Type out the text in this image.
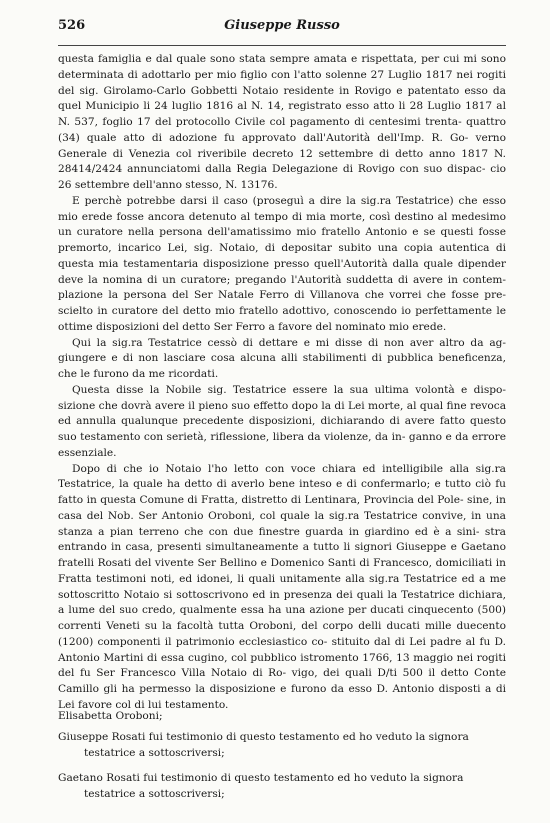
526	Giuseppe Russo

questa famiglia e dal quale sono stata sempre amata e rispettata, per cui mi sono determinata di adottarlo per mio figlio con l'atto solenne 27 Luglio 1817 nei rogiti del sig. Girolamo-Carlo Gobbetti Notaio residente in Rovigo e patentato esso da quel Municipio li 24 luglio 1816 al N. 14, registrato esso atto li 28 Luglio 1817 al N. 537, foglio 17 del protocollo Civile col pagamento di centesimi trenta- quattro (34) quale atto di adozione fu approvato dall'Autorità dell'Imp. R. Go- verno Generale di Venezia col riveribile decreto 12 settembre di detto anno 1817 N. 28414/2424 annunciatomi dalla Regia Delegazione di Rovigo con suo dispac- cio 26 settembre dell'anno stesso, N. 13176.

E perchè potrebbe darsi il caso (proseguì a dire la sig.ra Testatrice) che esso mio erede fosse ancora detenuto al tempo di mia morte, così destino al medesimo un curatore nella persona dell'amatissimo mio fratello Antonio e se questi fosse premorto, incarico Lei, sig. Notaio, di depositar subito una copia autentica di questa mia testamentaria disposizione presso quell'Autorità dalla quale dipender deve la nomina di un curatore; pregando l'Autorità suddetta di avere in contem- plazione la persona del Ser Natale Ferro di Villanova che vorrei che fosse pre- scielto in curatore del detto mio fratello adottivo, conoscendo io perfettamente le ottime disposizioni del detto Ser Ferro a favore del nominato mio erede.

Qui la sig.ra Testatrice cessò di dettare e mi disse di non aver altro da ag- giungere e di non lasciare cosa alcuna alli stabilimenti di pubblica beneficenza, che le furono da me ricordati.

Questa disse la Nobile sig. Testatrice essere la sua ultima volontà e dispo- sizione che dovrà avere il pieno suo effetto dopo la di Lei morte, al qual fine revoca ed annulla qualunque precedente disposizioni, dichiarando di avere fatto questo suo testamento con serietà, riflessione, libera da violenze, da in- ganno e da errore essenziale.

Dopo di che io Notaio l'ho letto con voce chiara ed intelligibile alla sig.ra Testatrice, la quale ha detto di averlo bene inteso e di confermarlo; e tutto ciò fu fatto in questa Comune di Fratta, distretto di Lentinara, Provincia del Pole- sine, in casa del Nob. Ser Antonio Oroboni, col quale la sig.ra Testatrice convive, in una stanza a pian terreno che con due finestre guarda in giardino ed è a sini- stra entrando in casa, presenti simultaneamente a tutto li signori Giuseppe e Gaetano fratelli Rosati del vivente Ser Bellino e Domenico Santi di Francesco, domiciliati in Fratta testimoni noti, ed idonei, li quali unitamente alla sig.ra Testatrice ed a me sottoscritto Notaio si sottoscrivono ed in presenza dei quali la Testatrice dichiara, a lume del suo credo, qualmente essa ha una azione per ducati cinquecento (500) correnti Veneti su la facoltà tutta Oroboni, del corpo delli ducati mille duecento (1200) componenti il patrimonio ecclesiastico co- stituito dal di Lei padre al fu D. Antonio Martini di essa cugino, col pubblico istromento 1766, 13 maggio nei rogiti del fu Ser Francesco Villa Notaio di Ro- vigo, dei quali D/ti 500 il detto Conte Camillo gli ha permesso la disposizione e furono da esso D. Antonio disposti a di Lei favore col di lui testamento.

Elisabetta Oroboni;
Giuseppe Rosati fui testimonio di questo testamento ed ho veduto la signora
testatrice a sottoscriversi;
Gaetano Rosati fui testimonio di questo testamento ed ho veduto la signora
testatrice a sottoscriversi;
